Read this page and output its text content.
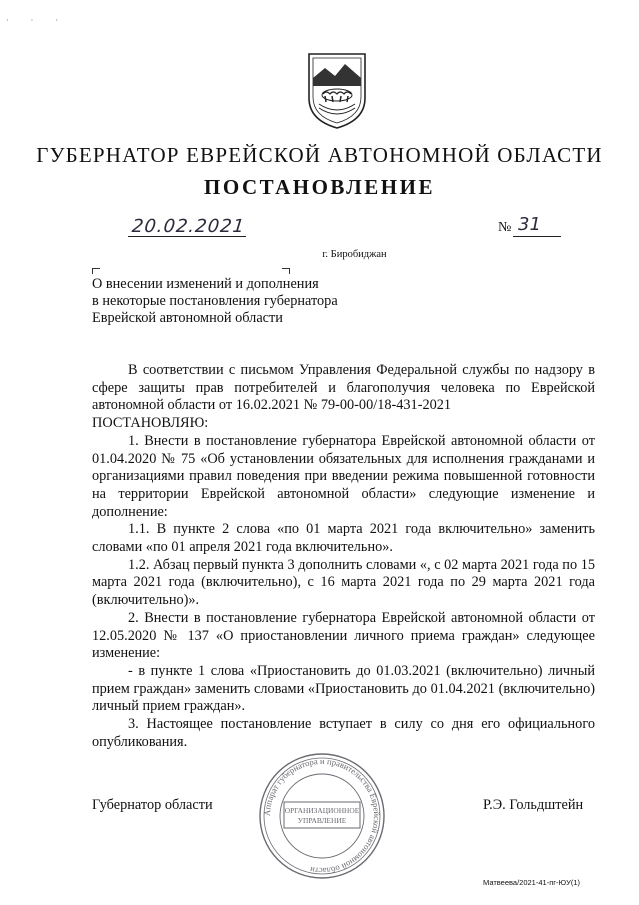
· · ·
ГУБЕРНАТОР ЕВРЕЙСКОЙ АВТОНОМНОЙ ОБЛАСТИ
ПОСТАНОВЛЕНИЕ
20.02.2021	№ 31
г. Биробиджан
О внесении изменений и дополнения
в некоторые постановления губернатора
Еврейской автономной области

В соответствии с письмом Управления Федеральной службы по надзору в сфере защиты прав потребителей и благополучия человека по Еврейской автономной области от 16.02.2021 № 79-00-00/18-431-2021

ПОСТАНОВЛЯЮ:

1. Внести в постановление губернатора Еврейской автономной области от 01.04.2020 № 75 «Об установлении обязательных для исполнения гражданами и организациями правил поведения при введении режима повышенной готовности на территории Еврейской автономной области» следующие изменение и дополнение:

1.1. В пункте 2 слова «по 01 марта 2021 года включительно» заменить словами «по 01 апреля 2021 года включительно».

1.2. Абзац первый пункта 3 дополнить словами «, с 02 марта 2021 года по 15 марта 2021 года (включительно), с 16 марта 2021 года по 29 марта 2021 года (включительно)».

2. Внести в постановление губернатора Еврейской автономной области от 12.05.2020 № 137 «О приостановлении личного приема граждан» следующее изменение:

- в пункте 1 слова «Приостановить до 01.03.2021 (включительно) личный прием граждан» заменить словами «Приостановить до 01.04.2021 (включительно) личный прием граждан».

3. Настоящее постановление вступает в силу со дня его официального опубликования.

Аппарат губернатора и правительства Еврейской автономной области
ОРГАНИЗАЦИОННОЕ
УПРАВЛЕНИЕ
Губернатор области	Р.Э. Гольдштейн
Матвеева/2021-41-пг-ЮУ(1)
